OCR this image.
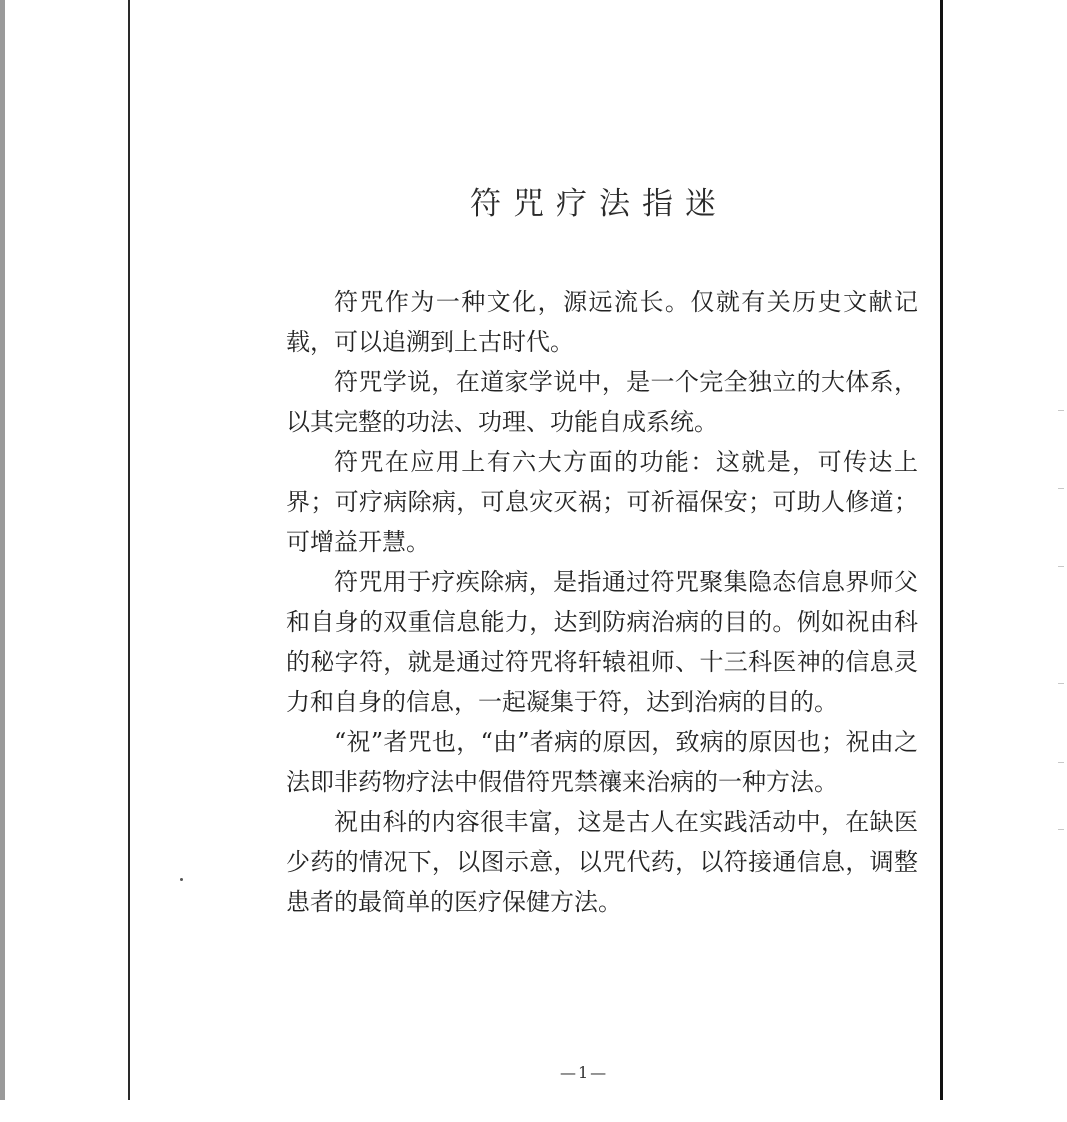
符咒疗法指迷

符咒作为一种文化，源远流长。仅就有关历史文献记载，可以追溯到上古时代。

符咒学说，在道家学说中，是一个完全独立的大体系，以其完整的功法、功理、功能自成系统。

符咒在应用上有六大方面的功能：这就是，可传达上界；可疗病除病，可息灾灭祸；可祈福保安；可助人修道；可增益开慧。

符咒用于疗疾除病，是指通过符咒聚集隐态信息界师父和自身的双重信息能力，达到防病治病的目的。例如祝由科的秘字符，就是通过符咒将轩辕祖师、十三科医神的信息灵力和自身的信息，一起凝集于符，达到治病的目的。

“祝”者咒也，“由”者病的原因，致病的原因也；祝由之法即非药物疗法中假借符咒禁禳来治病的一种方法。

祝由科的内容很丰富，这是古人在实践活动中，在缺医少药的情况下，以图示意，以咒代药，以符接通信息，调整患者的最简单的医疗保健方法。

—1—
